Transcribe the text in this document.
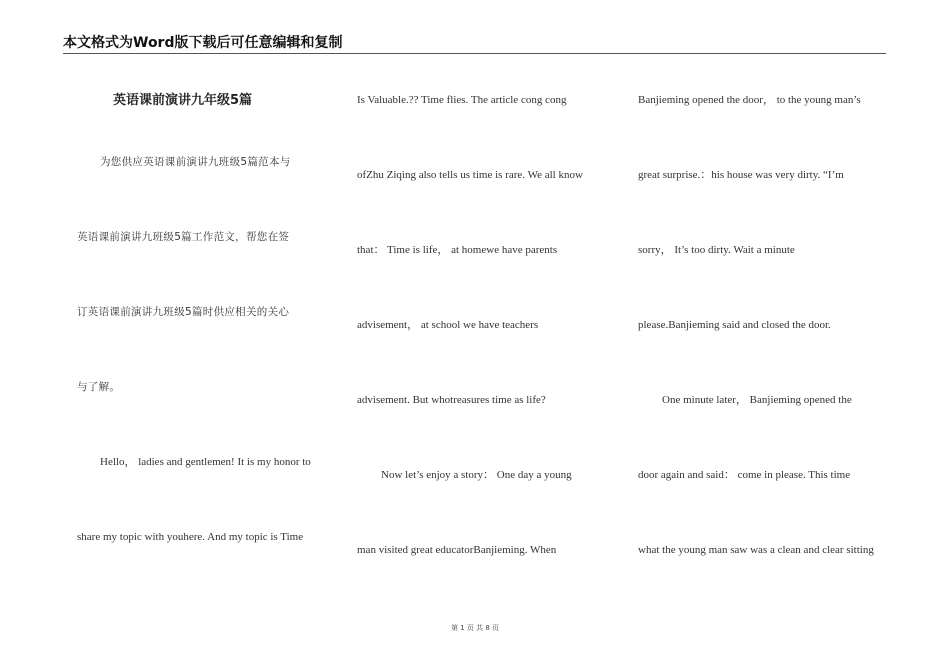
本文格式为Word版下载后可任意编辑和复制
英语课前演讲九年级5篇
为您供应英语课前演讲九班级5篇范本与
英语课前演讲九班级5篇工作范文，帮您在签
订英语课前演讲九班级5篇时供应相关的关心
与了解。
Hello， ladies and gentlemen! It is my honor to
share my topic with youhere. And my topic is Time
Is Valuable.?? Time flies. The article cong cong
ofZhu Ziqing also tells us time is rare. We all know
that： Time is life， at homewe have parents
advisement， at school we have teachers
advisement. But whotreasures time as life?
Now let’s enjoy a story： One day a young
man visited great educatorBanjieming. When
Banjieming opened the door， to the young man’s
great surprise.：his house was very dirty. “I’m
sorry， It’s too dirty. Wait a minute
please.Banjieming said and closed the door.
One minute later， Banjieming opened the
door again and said： come in please. This time
what the young man saw was a clean and clear sitting
第 1 页 共 8 页
